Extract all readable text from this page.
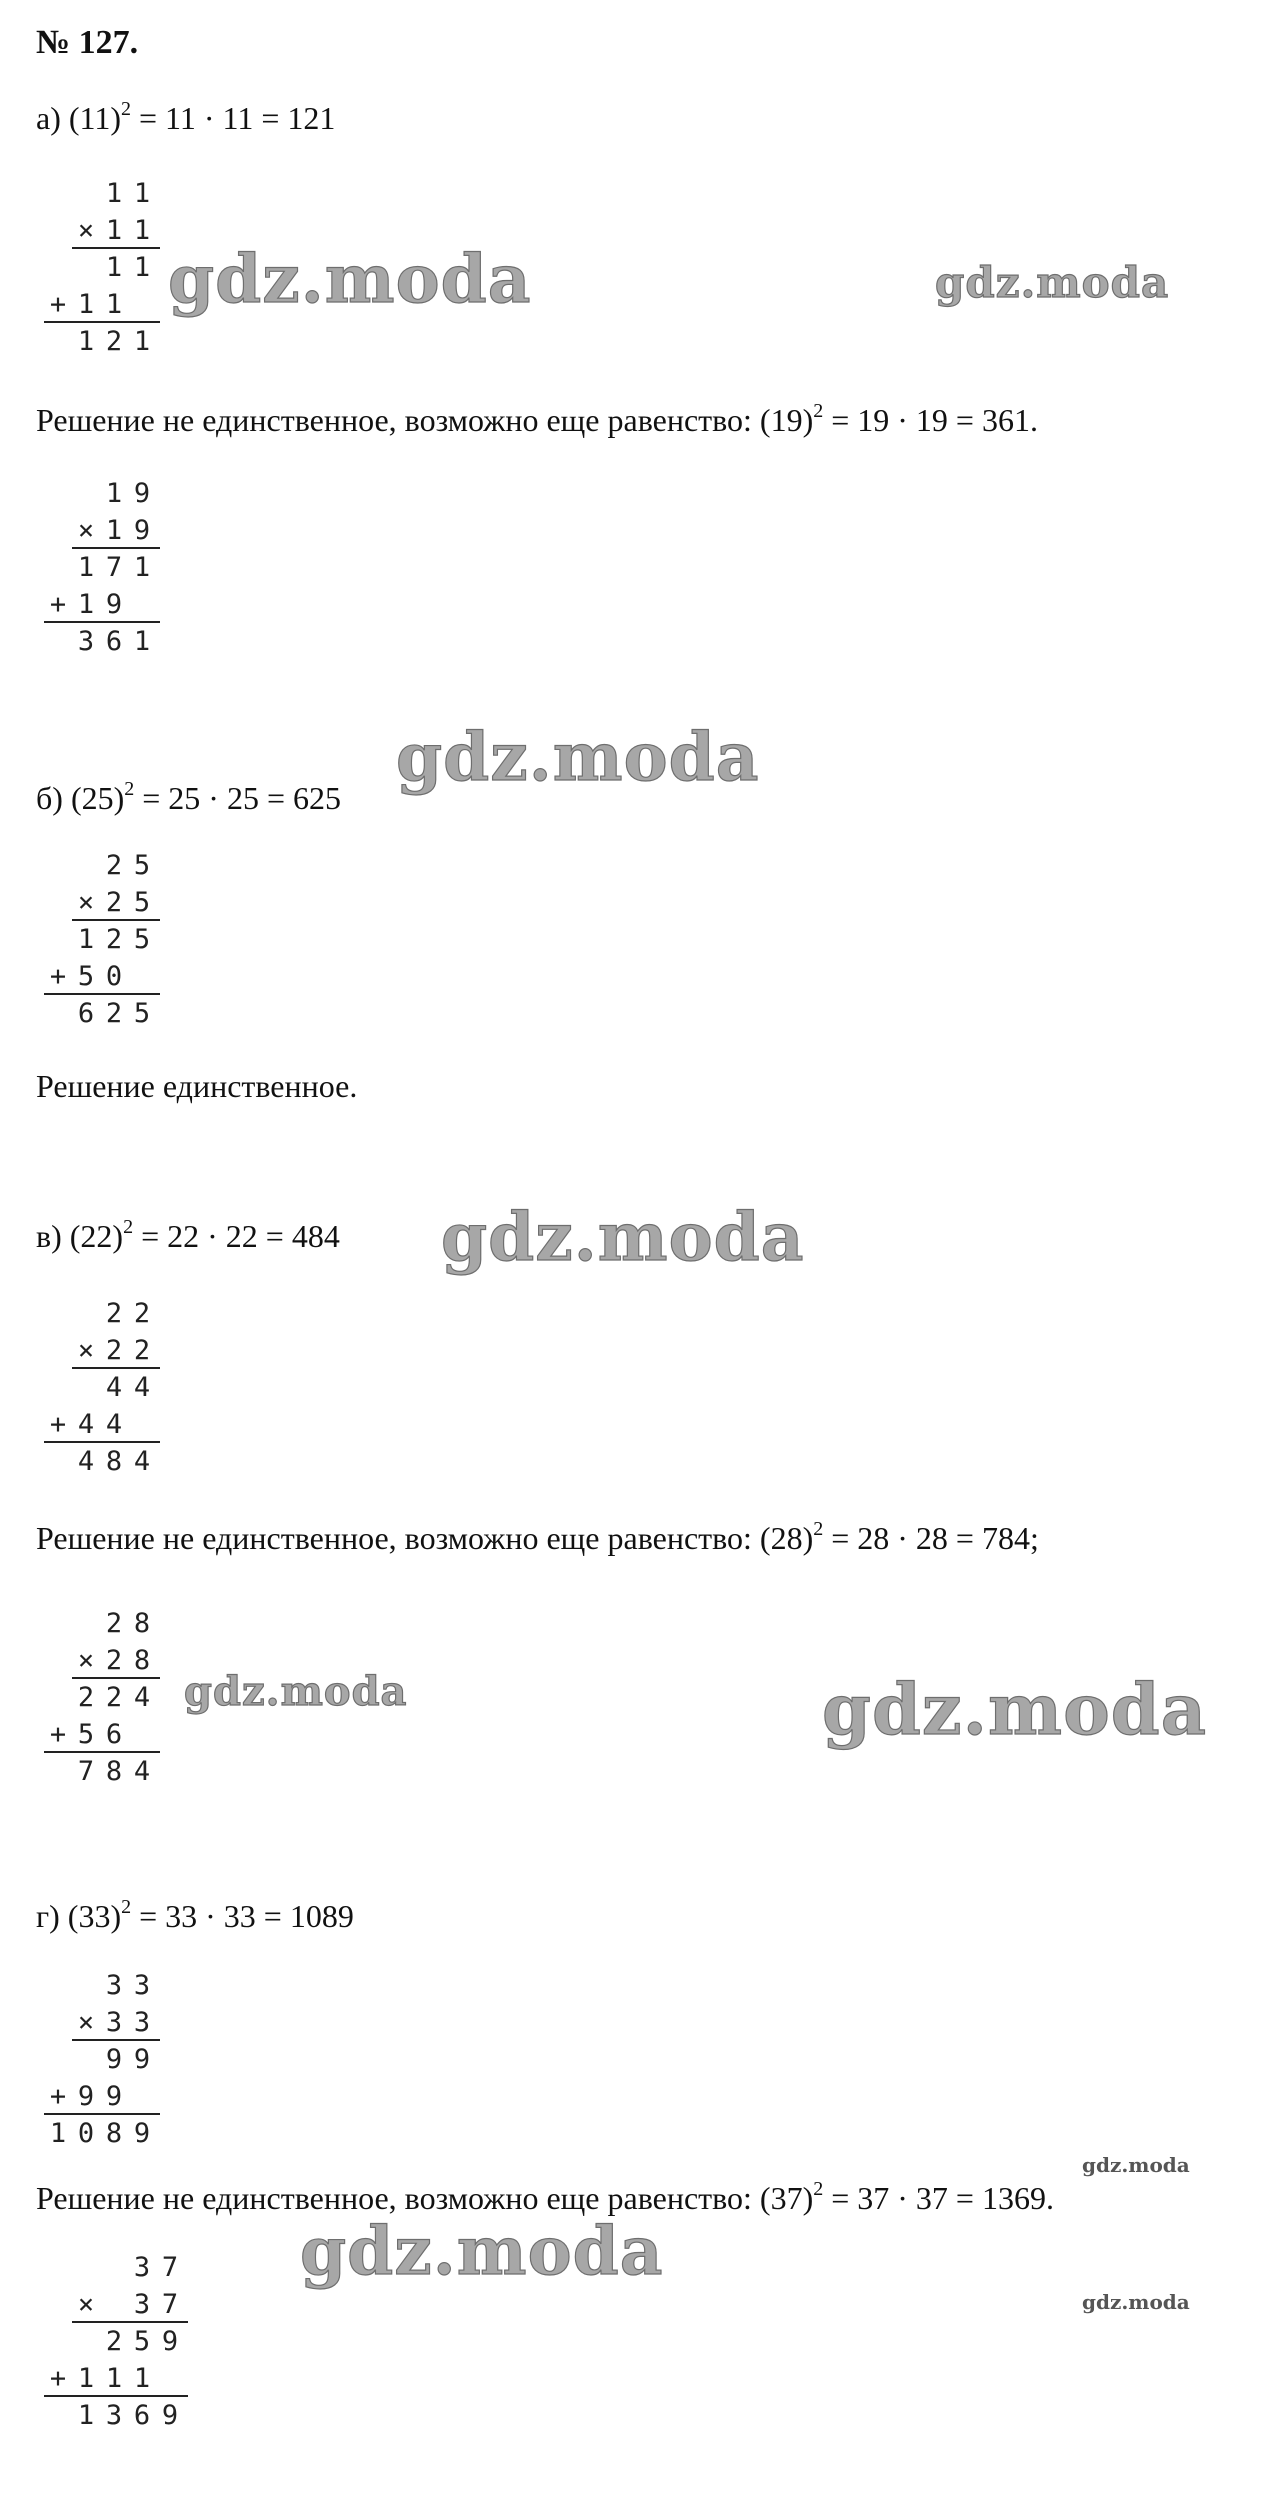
№ 127.
а) $(11)^2 = 11 \cdot 11 = 121$
Решение не единственное, возможно еще равенство: $(19)^2 = 19 \cdot 19 = 361$.
б) $(25)^2 = 25 \cdot 25 = 625$
Решение единственное.
в) $(22)^2 = 22 \cdot 22 = 484$
Решение не единственное, возможно еще равенство: $(28)^2 = 28 \cdot 28 = 784$;
г) $(33)^2 = 33 \cdot 33 = 1089$
Решение не единственное, возможно еще равенство: $(37)^2 = 37 \cdot 37 = 1369$.
1 1
× 1 1
1 1
+ 1 1
1 2 1
1 9
× 1 9
1 7 1
+ 1 9
3 6 1
2 5
× 2 5
1 2 5
+ 5 0
6 2 5
2 2
× 2 2
4 4
+ 4 4
4 8 4
2 8
× 2 8
2 2 4
+ 5 6
7 8 4
3 3
× 3 3
9 9
+ 9 9
1 0 8 9
3 7
× 3 7
2 5 9
+ 1 1 1
1 3 6 9
gdz.moda	gdz.moda
gdz.moda
gdz.moda
gdz.moda	gdz.moda
gdz.moda
gdz.moda
gdz.moda
